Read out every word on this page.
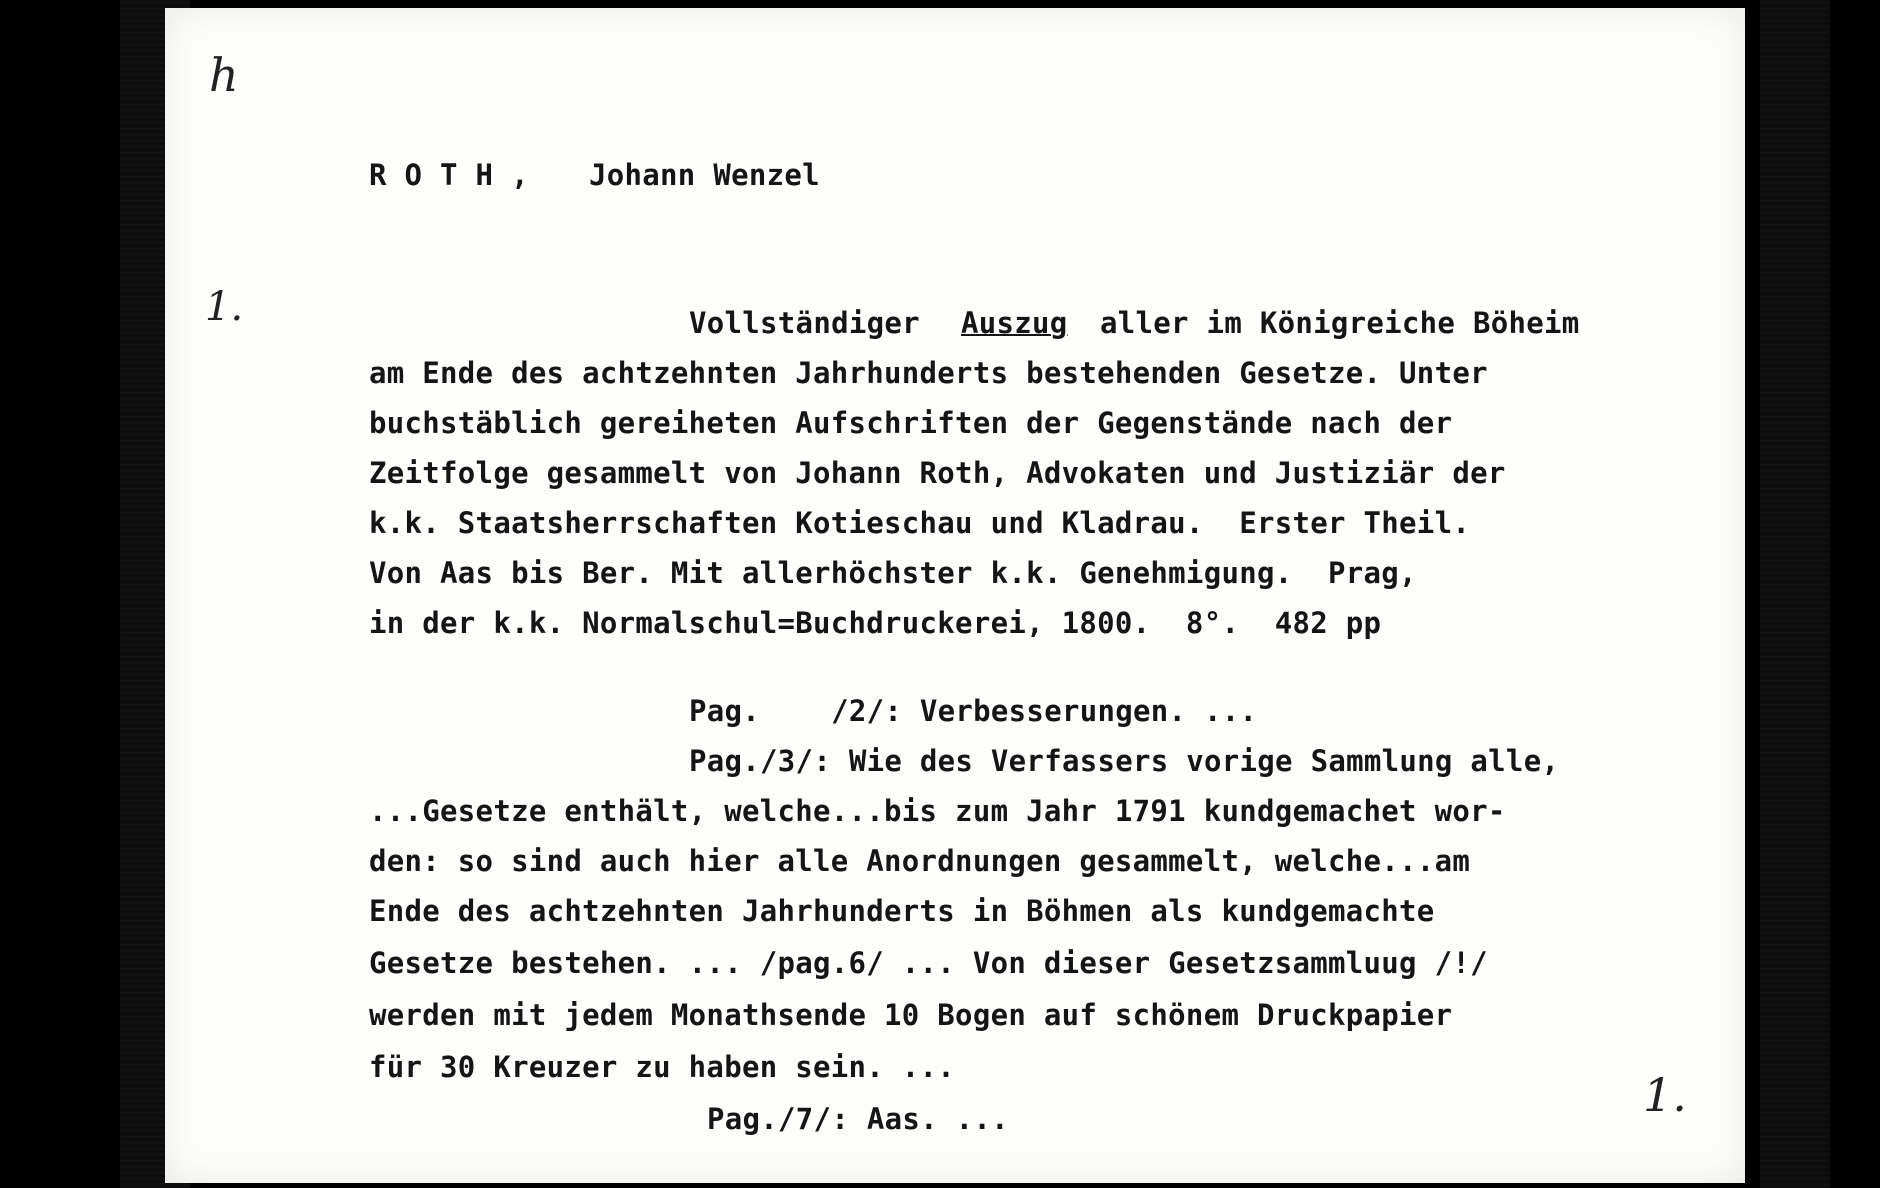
h
1.
1.
R O T H , Johann Wenzel
Vollständiger Auszug aller im Königreiche Böheim
am Ende des achtzehnten Jahrhunderts bestehenden Gesetze. Unter
buchstäblich gereiheten Aufschriften der Gegenstände nach der
Zeitfolge gesammelt von Johann Roth, Advokaten und Justiziär der
k.k. Staatsherrschaften Kotieschau und Kladrau.  Erster Theil.
Von Aas bis Ber. Mit allerhöchster k.k. Genehmigung.  Prag,
in der k.k. Normalschul=Buchdruckerei, 1800.  8°.  482 pp
Pag.    /2/: Verbesserungen. ...
Pag./3/: Wie des Verfassers vorige Sammlung alle,
...Gesetze enthält, welche...bis zum Jahr 1791 kundgemachet wor-
den: so sind auch hier alle Anordnungen gesammelt, welche...am
Ende des achtzehnten Jahrhunderts in Böhmen als kundgemachte
Gesetze bestehen. ... /pag.6/ ... Von dieser Gesetzsammluug /!/
werden mit jedem Monathsende 10 Bogen auf schönem Druckpapier
für 30 Kreuzer zu haben sein. ...
Pag./7/: Aas. ...
